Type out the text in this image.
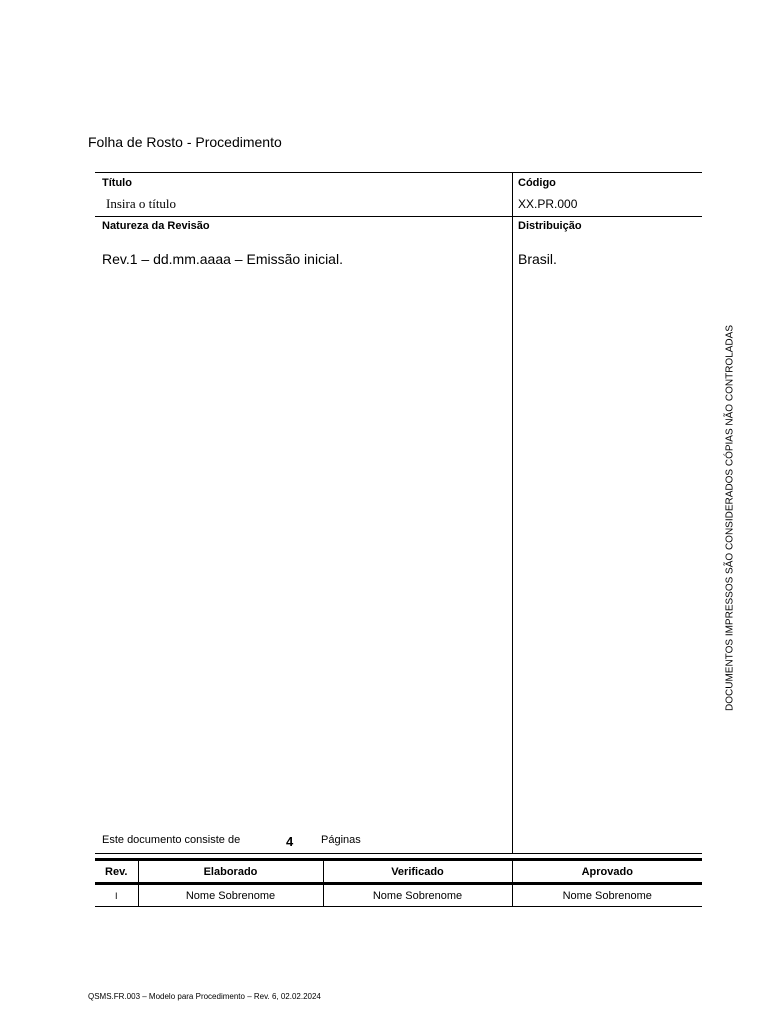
Folha de Rosto - Procedimento
Título
Insira o título
Código
XX.PR.000
Natureza da Revisão
Rev.1 – dd.mm.aaaa – Emissão inicial.
Distribuição
Brasil.
Este documento consiste de	4	Páginas
Rev.	Elaborado	Verificado	Aprovado
I	Nome Sobrenome	Nome Sobrenome	Nome Sobrenome
DOCUMENTOS IMPRESSOS SÃO CONSIDERADOS CÓPIAS NÃO CONTROLADAS
QSMS.FR.003 – Modelo para Procedimento – Rev. 6, 02.02.2024
